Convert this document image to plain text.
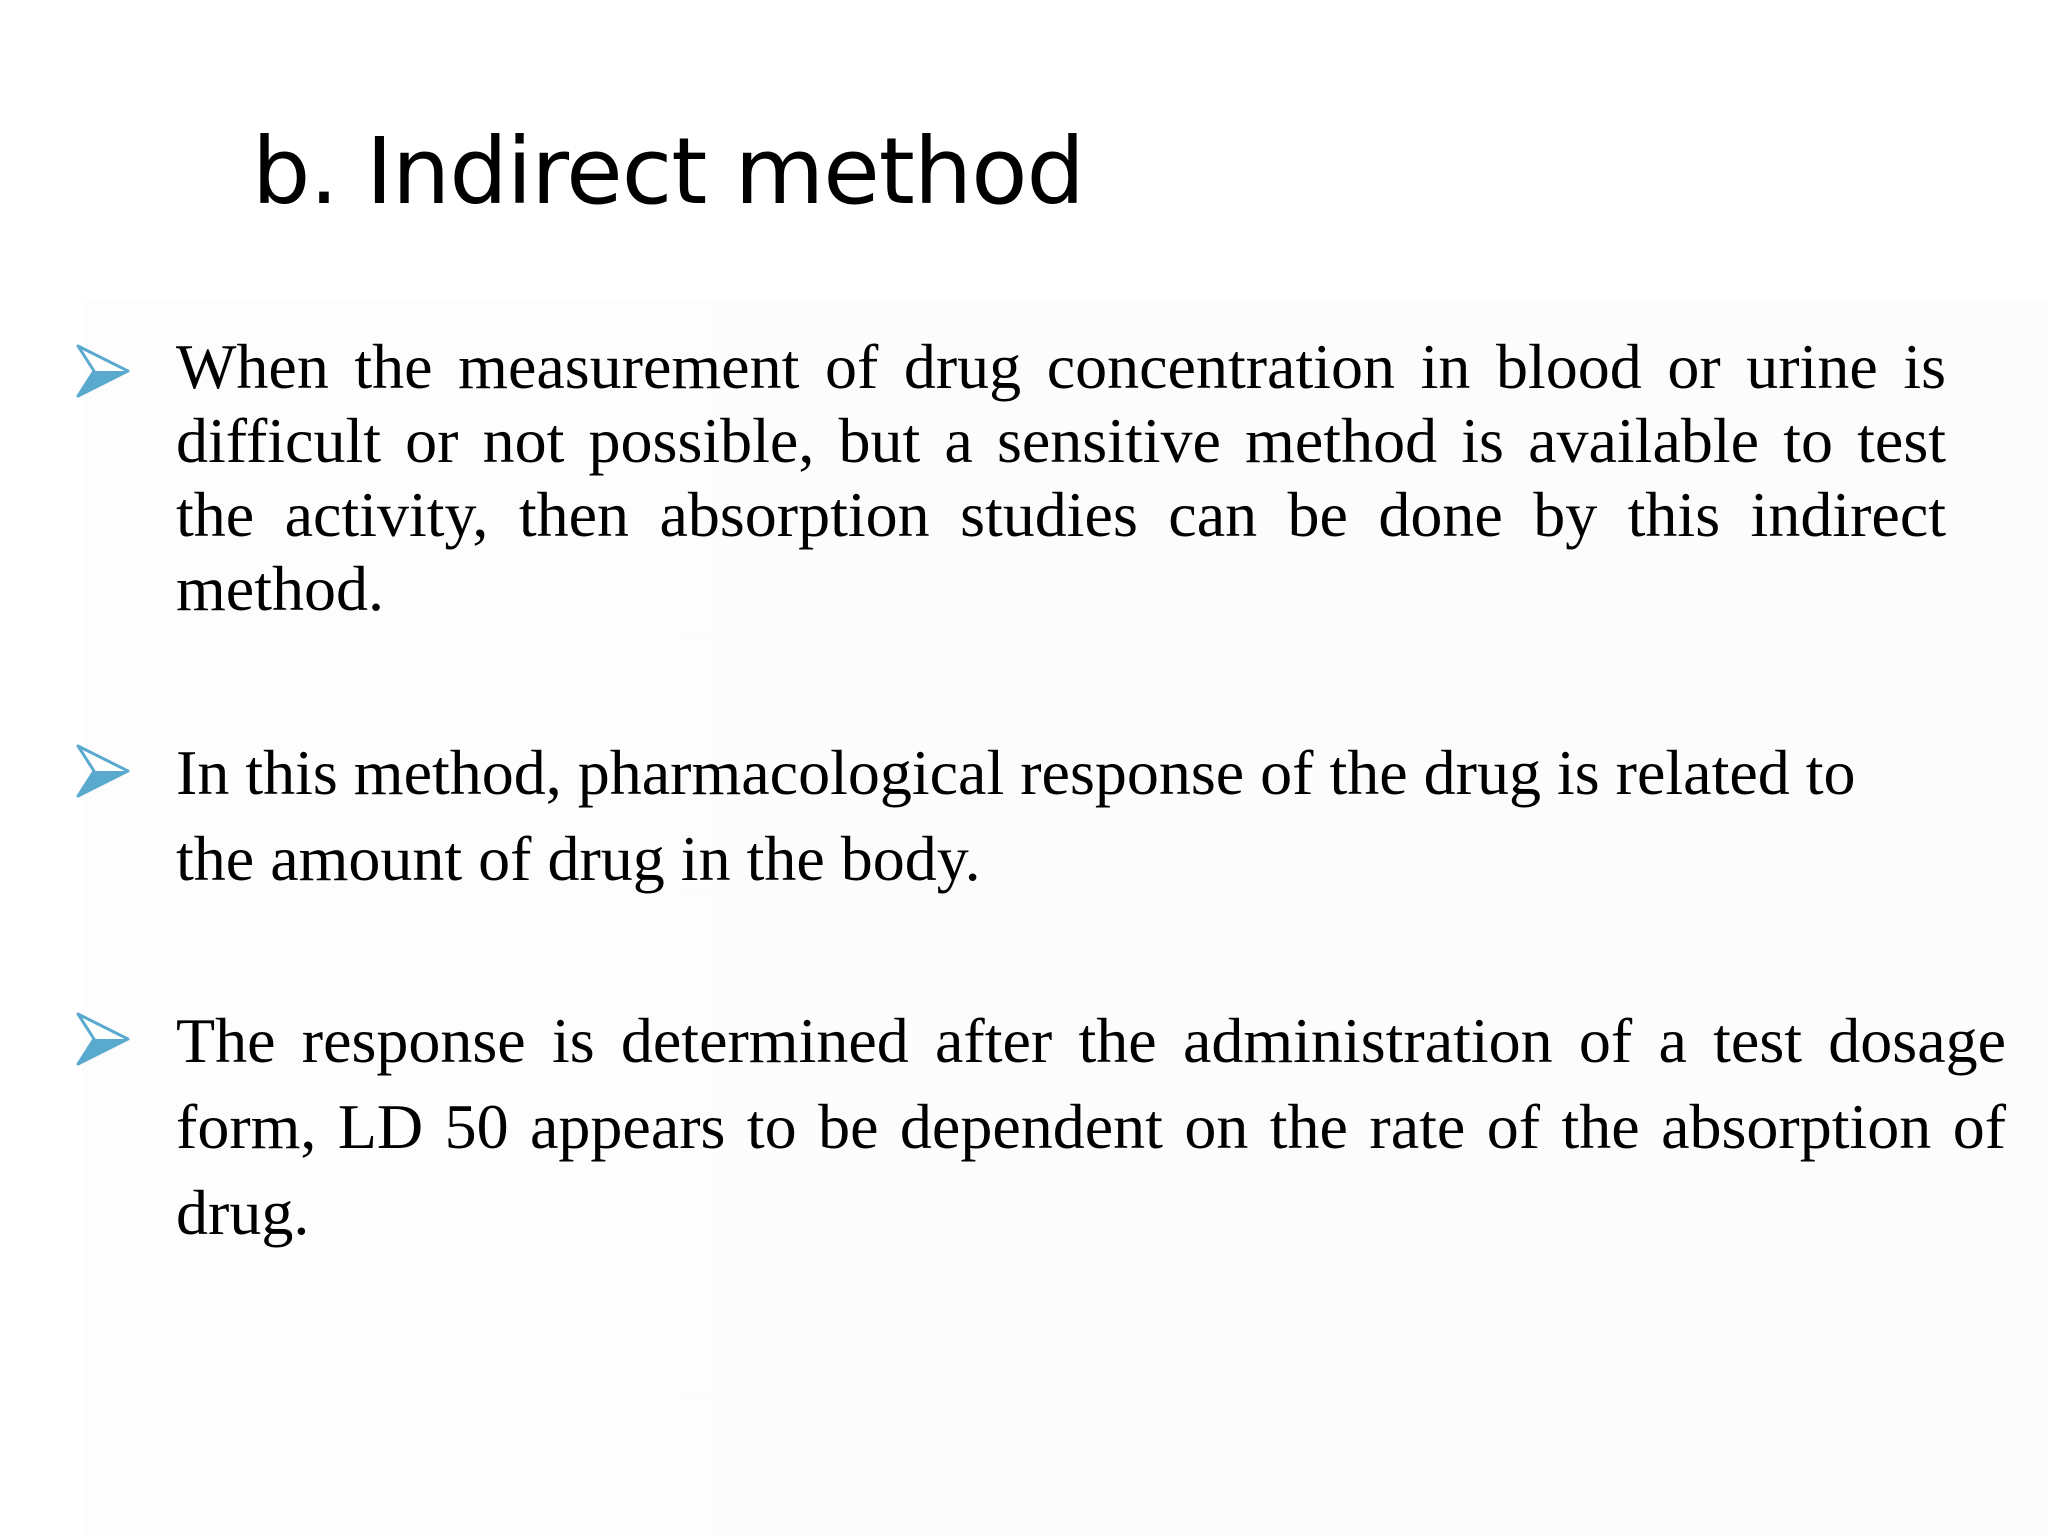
b. Indirect method

When the measurement of drug concentration in blood or urine is difficult or not possible, but a sensitive method is available to test the activity, then absorption studies can be done by this indirect method.

In this method, pharmacological response of the drug is related to the amount of drug in the body.

The response is determined after the administration of a test dosage form, LD 50 appears to be dependent on the rate of the absorption of drug.
